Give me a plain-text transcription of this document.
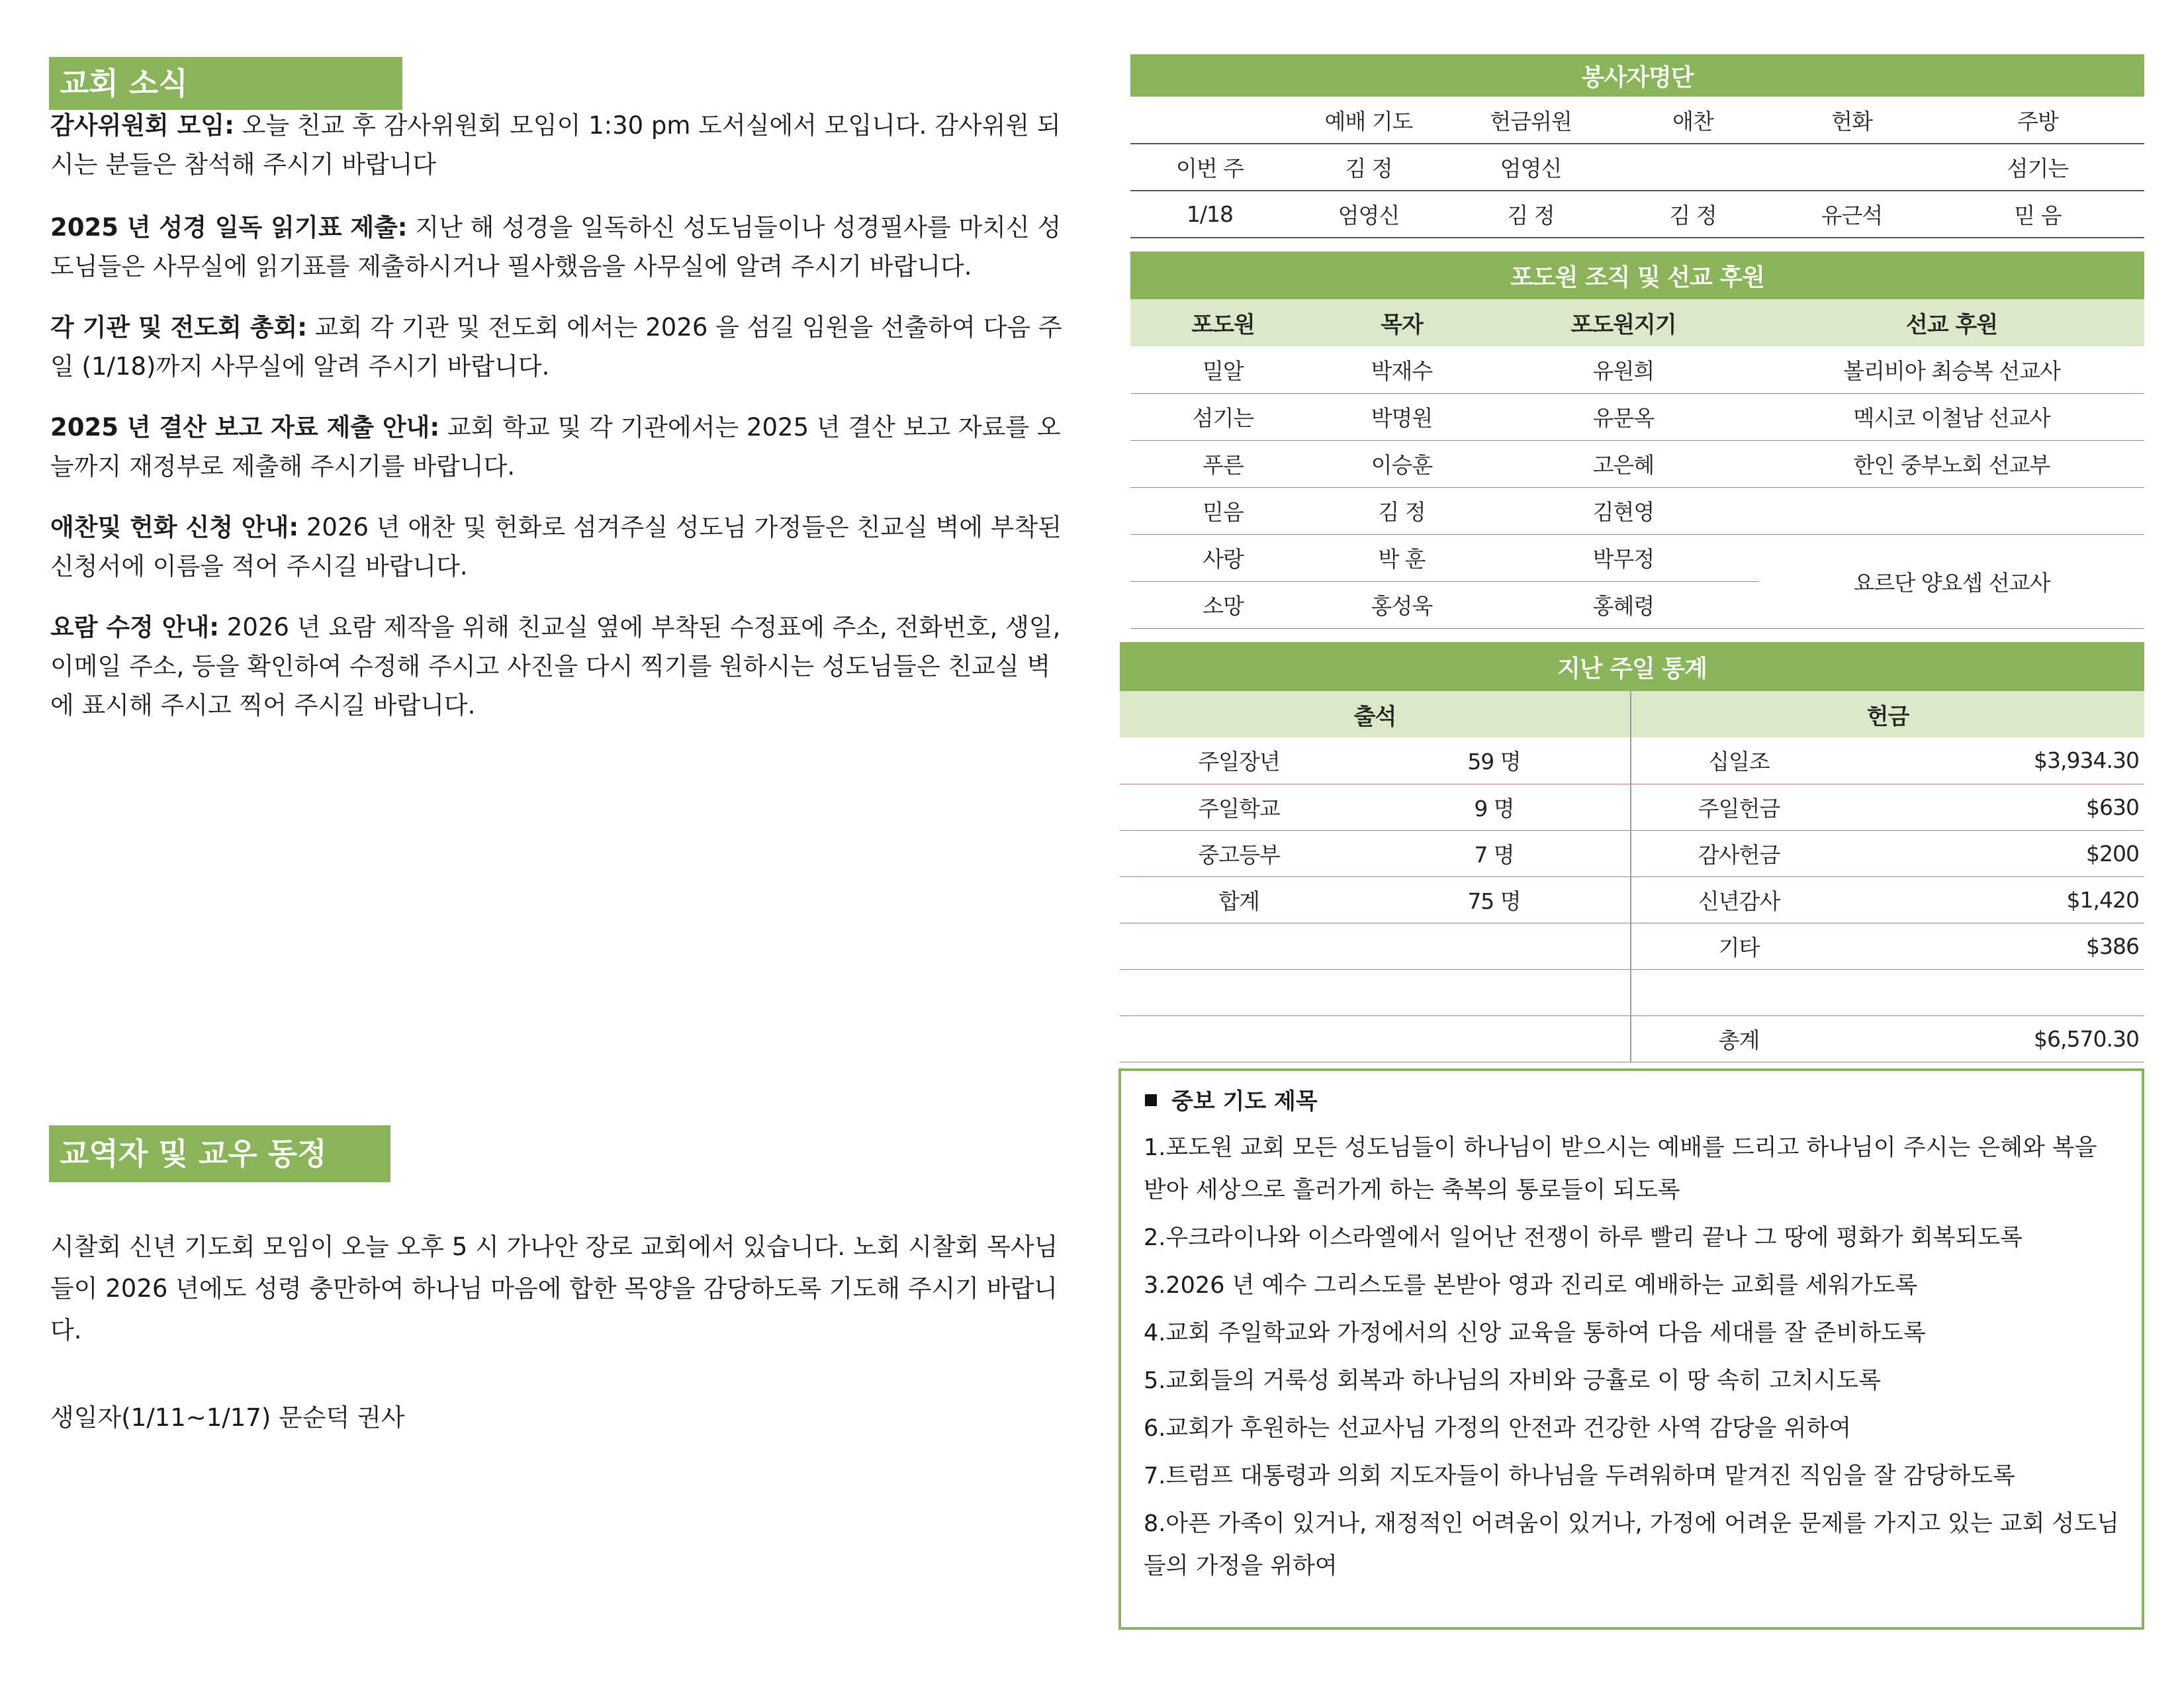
교회 소식
감사위원회 모임: 오늘 친교 후 감사위원회 모임이 1:30 pm 도서실에서 모입니다. 감사위원 되시는 분들은 참석해 주시기 바랍니다
2025 년 성경 일독 읽기표 제출: 지난 해 성경을 일독하신 성도님들이나 성경필사를 마치신 성도님들은 사무실에 읽기표를 제출하시거나 필사했음을 사무실에 알려 주시기 바랍니다.
각 기관 및 전도회 총회: 교회 각 기관 및 전도회 에서는 2026 을 섬길 임원을 선출하여 다음 주일 (1/18)까지 사무실에 알려 주시기 바랍니다.
2025 년 결산 보고 자료 제출 안내: 교회 학교 및 각 기관에서는 2025 년 결산 보고 자료를 오늘까지 재정부로 제출해 주시기를 바랍니다.
애찬및 헌화 신청 안내: 2026 년 애찬 및 헌화로 섬겨주실 성도님 가정들은 친교실 벽에 부착된 신청서에 이름을 적어 주시길 바랍니다.
요람 수정 안내: 2026 년 요람 제작을 위해 친교실 옆에 부착된 수정표에 주소, 전화번호, 생일, 이메일 주소, 등을 확인하여 수정해 주시고 사진을 다시 찍기를 원하시는 성도님들은 친교실 벽에 표시해 주시고 찍어 주시길 바랍니다.
교역자 및 교우 동정
시찰회 신년 기도회 모임이 오늘 오후 5 시 가나안 장로 교회에서 있습니다. 노회 시찰회 목사님들이 2026 년에도 성령 충만하여 하나님 마음에 합한 목양을 감당하도록 기도해 주시기 바랍니다.
생일자(1/11~1/17) 문순덕 권사
봉사자명단					
	예배 기도	헌금위원	애찬	헌화	주방
이번 주	김 정	엄영신			섬기는
1/18	엄영신	김 정	김 정	유근석	믿 음
포도원 조직 및 선교 후원			
포도원	목자	포도원지기	선교 후원
밀알	박재수	유원희	볼리비아 최승복 선교사
섬기는	박명원	유문옥	멕시코 이철남 선교사
푸른	이승훈	고은혜	한인 중부노회 선교부
믿음	김 정	김현영	
사랑	박 훈	박무정	요르단 양요셉 선교사
소망	홍성욱	홍혜령	
지난 주일 통계			
출석		헌금	
주일장년	59 명	십일조	$3,934.30
주일학교	9 명	주일헌금	$630
중고등부	7 명	감사헌금	$200
합계	75 명	신년감사	$1,420
		기타	$386

		총계	$6,570.30
중보 기도 제목
1.포도원 교회 모든 성도님들이 하나님이 받으시는 예배를 드리고 하나님이 주시는 은혜와 복을 받아 세상으로 흘러가게 하는 축복의 통로들이 되도록
2.우크라이나와 이스라엘에서 일어난 전쟁이 하루 빨리 끝나 그 땅에 평화가 회복되도록
3.2026 년 예수 그리스도를 본받아 영과 진리로 예배하는 교회를 세워가도록
4.교회 주일학교와 가정에서의 신앙 교육을 통하여 다음 세대를 잘 준비하도록
5.교회들의 거룩성 회복과 하나님의 자비와 긍휼로 이 땅 속히 고치시도록
6.교회가 후원하는 선교사님 가정의 안전과 건강한 사역 감당을 위하여
7.트럼프 대통령과 의회 지도자들이 하나님을 두려워하며 맡겨진 직임을 잘 감당하도록
8.아픈 가족이 있거나, 재정적인 어려움이 있거나, 가정에 어려운 문제를 가지고 있는 교회 성도님들의 가정을 위하여
